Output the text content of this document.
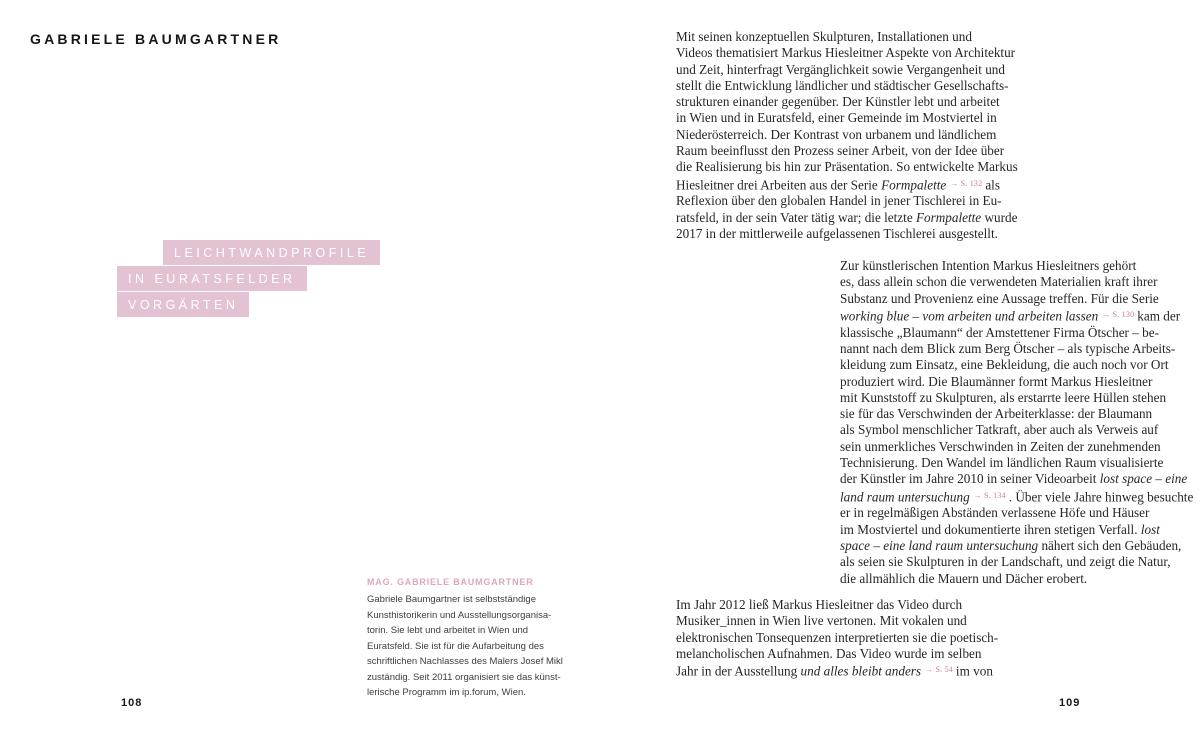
GABRIELE BAUMGARTNER
LEICHTWANDPROFILE
IN EURATSFELDER
VORGÄRTEN
MAG. GABRIELE BAUMGARTNER
Gabriele Baumgartner ist selbstständige
Kunsthistorikerin und Ausstellungsorganisa-
torin. Sie lebt und arbeitet in Wien und
Euratsfeld. Sie ist für die Aufarbeitung des
schriftlichen Nachlasses des Malers Josef Mikl
zuständig. Seit 2011 organisiert sie das künst-
lerische Programm im ip.forum, Wien.
Mit seinen konzeptuellen Skulpturen, Installationen und
Videos thematisiert Markus Hiesleitner Aspekte von Architektur
und Zeit, hinterfragt Vergänglichkeit sowie Vergangenheit und
stellt die Entwicklung ländlicher und städtischer Gesellschafts-
strukturen einander gegenüber. Der Künstler lebt und arbeitet
in Wien und in Euratsfeld, einer Gemeinde im Mostviertel in
Niederösterreich. Der Kontrast von urbanem und ländlichem
Raum beeinflusst den Prozess seiner Arbeit, von der Idee über
die Realisierung bis hin zur Präsentation. So entwickelte Markus
Hiesleitner drei Arbeiten aus der Serie Formpalette $^{\to S. 132}$ als
Reflexion über den globalen Handel in jener Tischlerei in Eu-
ratsfeld, in der sein Vater tätig war; die letzte Formpalette wurde
2017 in der mittlerweile aufgelassenen Tischlerei ausgestellt.
Zur künstlerischen Intention Markus Hiesleitners gehört
es, dass allein schon die verwendeten Materialien kraft ihrer
Substanz und Provenienz eine Aussage treffen. Für die Serie
working blue – vom arbeiten und arbeiten lassen $^{\to S. 130}$ kam der
klassische „Blaumann“ der Amstettener Firma Ötscher – be-
nannt nach dem Blick zum Berg Ötscher – als typische Arbeits-
kleidung zum Einsatz, eine Bekleidung, die auch noch vor Ort
produziert wird. Die Blaumänner formt Markus Hiesleitner
mit Kunststoff zu Skulpturen, als erstarrte leere Hüllen stehen
sie für das Verschwinden der Arbeiterklasse: der Blaumann
als Symbol menschlicher Tatkraft, aber auch als Verweis auf
sein unmerkliches Verschwinden in Zeiten der zunehmenden
Technisierung. Den Wandel im ländlichen Raum visualisierte
der Künstler im Jahre 2010 in seiner Videoarbeit lost space – eine
land raum untersuchung $^{\to S. 134}$ . Über viele Jahre hinweg besuchte
er in regelmäßigen Abständen verlassene Höfe und Häuser
im Mostviertel und dokumentierte ihren stetigen Verfall. lost
space – eine land raum untersuchung nähert sich den Gebäuden,
als seien sie Skulpturen in der Landschaft, und zeigt die Natur,
die allmählich die Mauern und Dächer erobert.
Im Jahr 2012 ließ Markus Hiesleitner das Video durch
Musiker_innen in Wien live vertonen. Mit vokalen und
elektronischen Tonsequenzen interpretierten sie die poetisch-
melancholischen Aufnahmen. Das Video wurde im selben
Jahr in der Ausstellung und alles bleibt anders $^{\to S. 54}$ im von
108	109
